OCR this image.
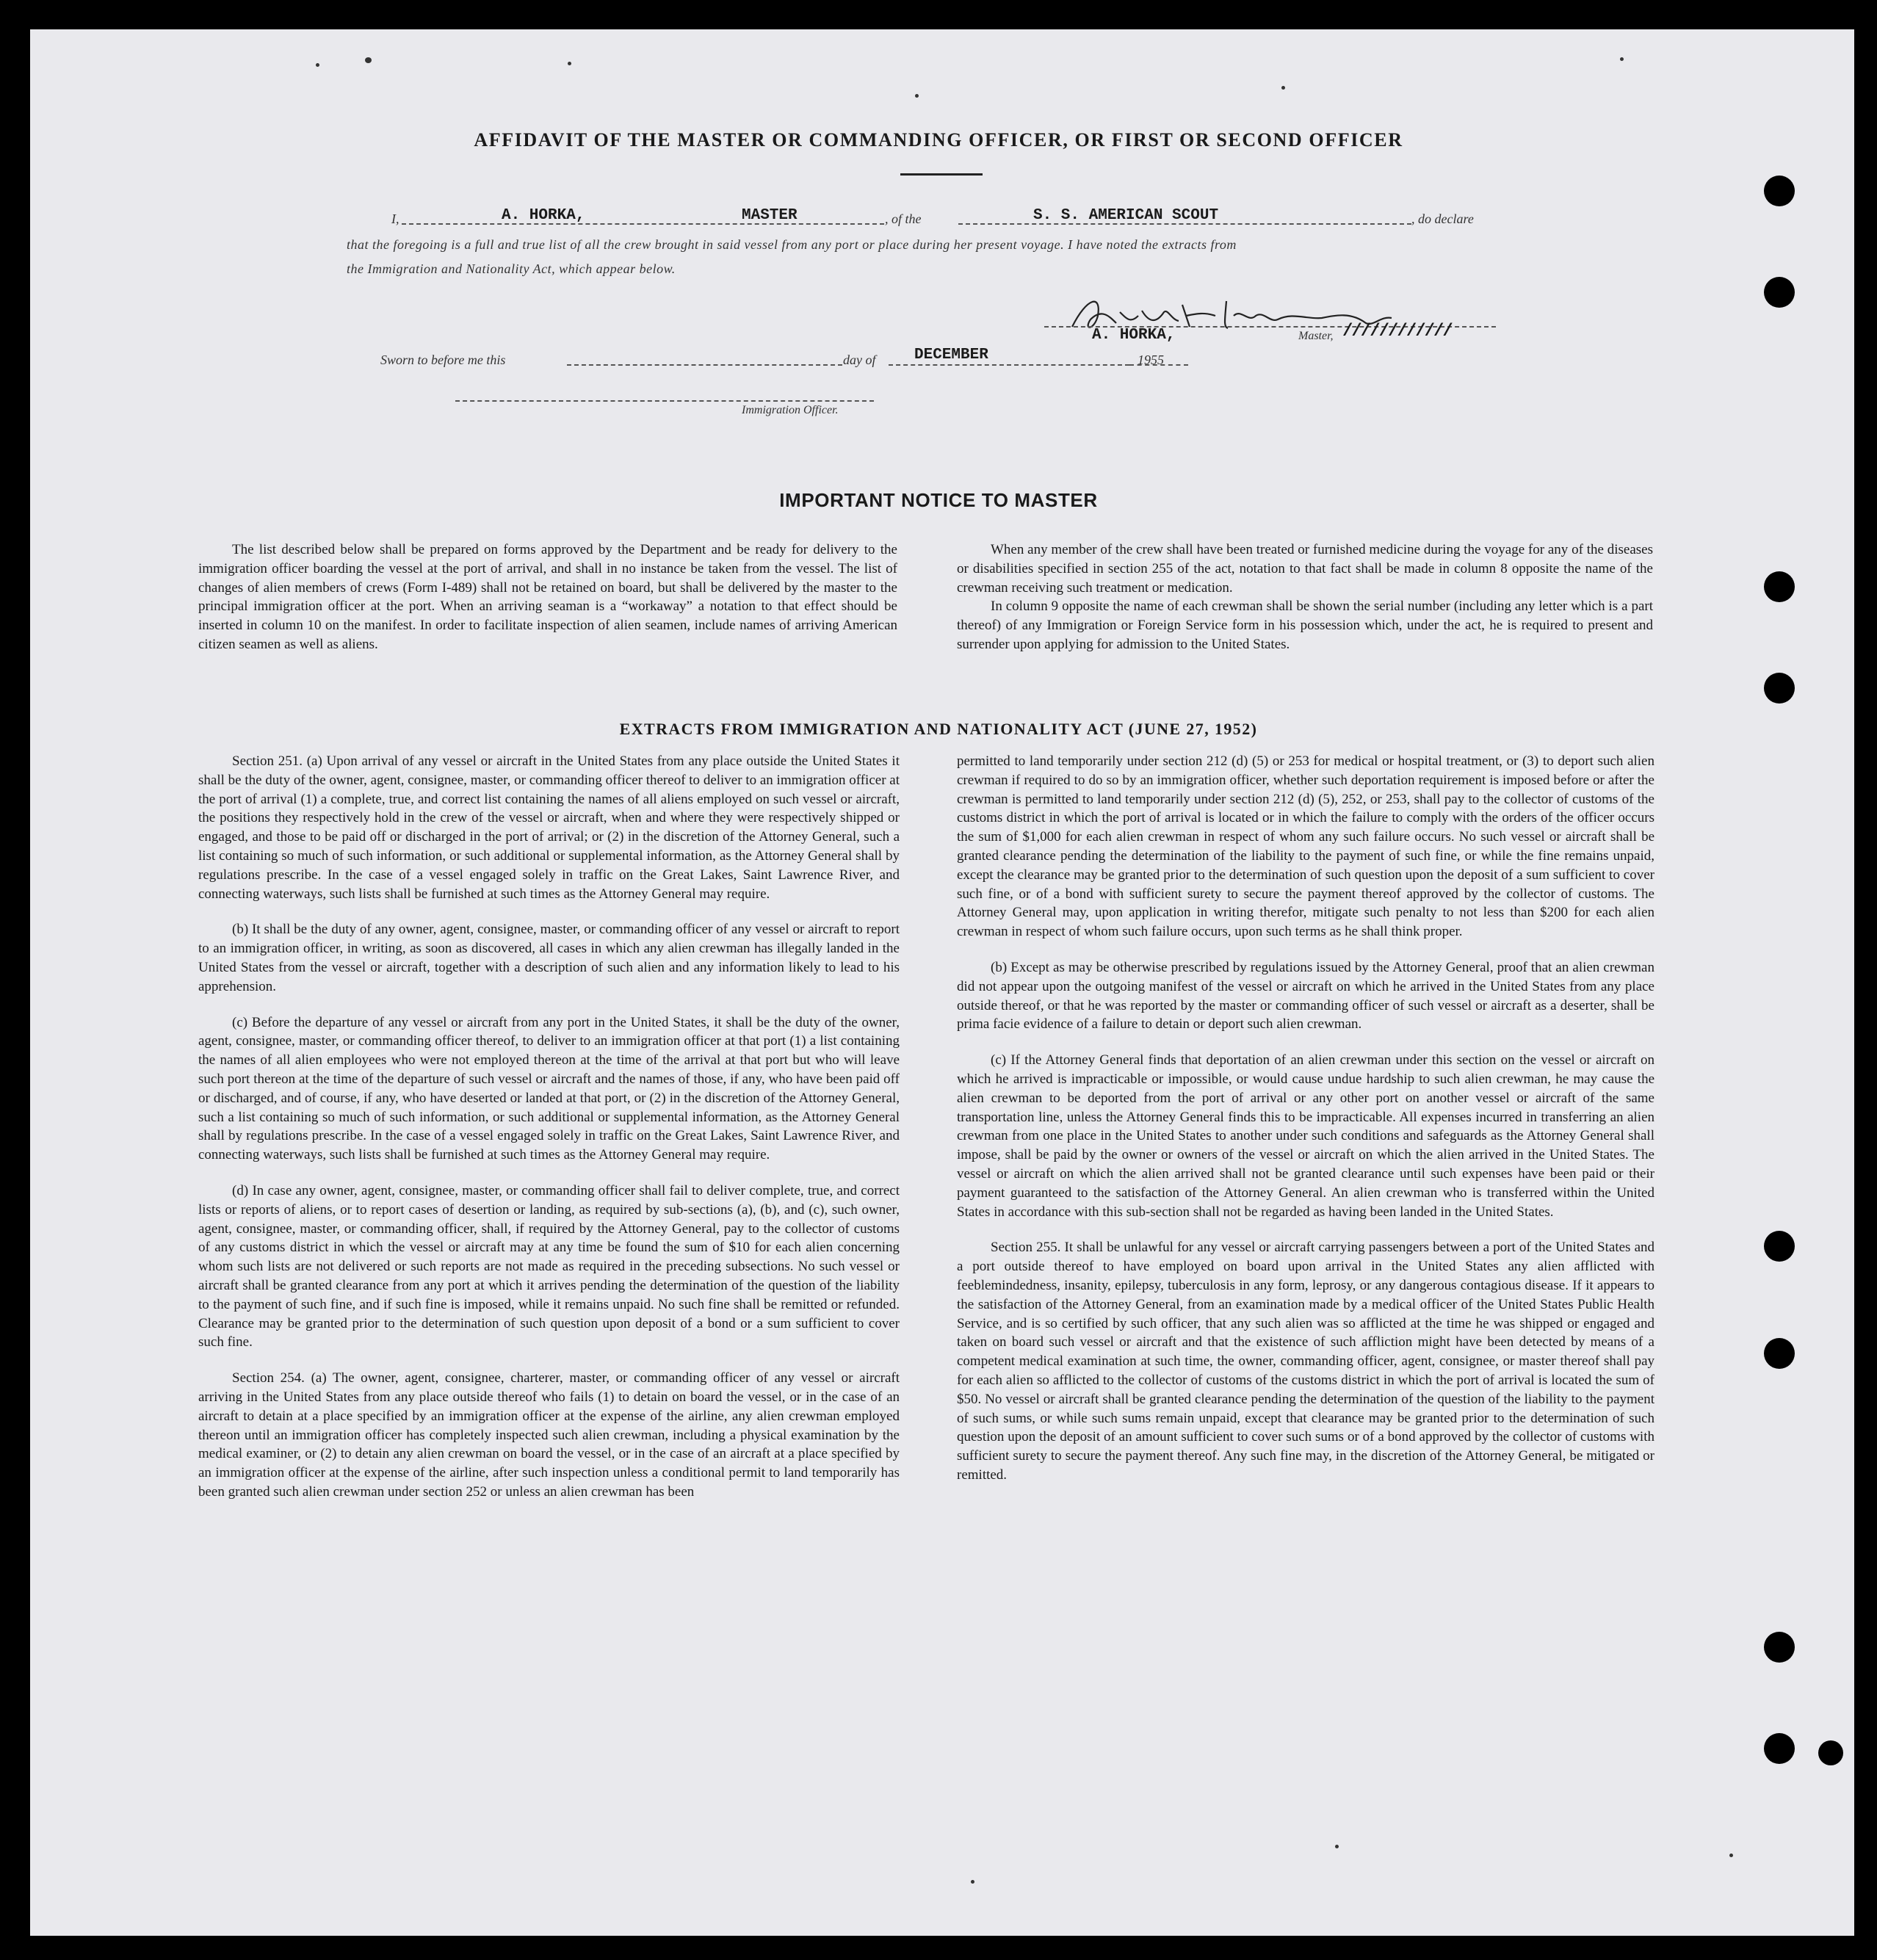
AFFIDAVIT OF THE MASTER OR COMMANDING OFFICER, OR FIRST OR SECOND OFFICER
I,	A. HORKA,	MASTER	, of the	S. S. AMERICAN SCOUT	, do declare
that the foregoing is a full and true list of all the crew brought in said vessel from any port or place during her present voyage. I have noted the extracts from
the Immigration and Nationality Act, which appear below.
A. HORKA,	Master, ////////////
Sworn to before me this	day of	DECEMBER	1955
Immigration Officer.
IMPORTANT NOTICE TO MASTER

The list described below shall be prepared on forms approved by the Department and be ready for delivery to the immigration officer boarding the vessel at the port of arrival, and shall in no instance be taken from the vessel. The list of changes of alien members of crews (Form I-489) shall not be retained on board, but shall be delivered by the master to the principal immigration officer at the port. When an arriving seaman is a “workaway” a notation to that effect should be inserted in column 10 on the manifest. In order to facilitate inspection of alien seamen, include names of arriving American citizen seamen as well as aliens.

When any member of the crew shall have been treated or furnished medicine during the voyage for any of the diseases or disabilities specified in section 255 of the act, notation to that fact shall be made in column 8 opposite the name of the crewman receiving such treatment or medication.

In column 9 opposite the name of each crewman shall be shown the serial number (including any letter which is a part thereof) of any Immigration or Foreign Service form in his possession which, under the act, he is required to present and surrender upon applying for admission to the United States.

EXTRACTS FROM IMMIGRATION AND NATIONALITY ACT (JUNE 27, 1952)

Section 251. (a) Upon arrival of any vessel or aircraft in the United States from any place outside the United States it shall be the duty of the owner, agent, consignee, master, or commanding officer thereof to deliver to an immigration officer at the port of arrival (1) a complete, true, and correct list containing the names of all aliens employed on such vessel or aircraft, the positions they respectively hold in the crew of the vessel or aircraft, when and where they were respectively shipped or engaged, and those to be paid off or discharged in the port of arrival; or (2) in the discretion of the Attorney General, such a list containing so much of such information, or such additional or supplemental information, as the Attorney General shall by regulations prescribe. In the case of a vessel engaged solely in traffic on the Great Lakes, Saint Lawrence River, and connecting waterways, such lists shall be furnished at such times as the Attorney General may require.

(b) It shall be the duty of any owner, agent, consignee, master, or commanding officer of any vessel or aircraft to report to an immigration officer, in writing, as soon as discovered, all cases in which any alien crewman has illegally landed in the United States from the vessel or aircraft, together with a description of such alien and any information likely to lead to his apprehension.

(c) Before the departure of any vessel or aircraft from any port in the United States, it shall be the duty of the owner, agent, consignee, master, or commanding officer thereof, to deliver to an immigration officer at that port (1) a list containing the names of all alien employees who were not employed thereon at the time of the arrival at that port but who will leave such port thereon at the time of the departure of such vessel or aircraft and the names of those, if any, who have been paid off or discharged, and of course, if any, who have deserted or landed at that port, or (2) in the discretion of the Attorney General, such a list containing so much of such information, or such additional or supplemental information, as the Attorney General shall by regulations prescribe. In the case of a vessel engaged solely in traffic on the Great Lakes, Saint Lawrence River, and connecting waterways, such lists shall be furnished at such times as the Attorney General may require.

(d) In case any owner, agent, consignee, master, or commanding officer shall fail to deliver complete, true, and correct lists or reports of aliens, or to report cases of desertion or landing, as required by sub-sections (a), (b), and (c), such owner, agent, consignee, master, or commanding officer, shall, if required by the Attorney General, pay to the collector of customs of any customs district in which the vessel or aircraft may at any time be found the sum of $10 for each alien concerning whom such lists are not delivered or such reports are not made as required in the preceding subsections. No such vessel or aircraft shall be granted clearance from any port at which it arrives pending the determination of the question of the liability to the payment of such fine, and if such fine is imposed, while it remains unpaid. No such fine shall be remitted or refunded. Clearance may be granted prior to the determination of such question upon deposit of a bond or a sum sufficient to cover such fine.

Section 254. (a) The owner, agent, consignee, charterer, master, or commanding officer of any vessel or aircraft arriving in the United States from any place outside thereof who fails (1) to detain on board the vessel, or in the case of an aircraft to detain at a place specified by an immigration officer at the expense of the airline, any alien crewman employed thereon until an immigration officer has completely inspected such alien crewman, including a physical examination by the medical examiner, or (2) to detain any alien crewman on board the vessel, or in the case of an aircraft at a place specified by an immigration officer at the expense of the airline, after such inspection unless a conditional permit to land temporarily has been granted such alien crewman under section 252 or unless an alien crewman has been

permitted to land temporarily under section 212 (d) (5) or 253 for medical or hospital treatment, or (3) to deport such alien crewman if required to do so by an immigration officer, whether such deportation requirement is imposed before or after the crewman is permitted to land temporarily under section 212 (d) (5), 252, or 253, shall pay to the collector of customs of the customs district in which the port of arrival is located or in which the failure to comply with the orders of the officer occurs the sum of $1,000 for each alien crewman in respect of whom any such failure occurs. No such vessel or aircraft shall be granted clearance pending the determination of the liability to the payment of such fine, or while the fine remains unpaid, except the clearance may be granted prior to the determination of such question upon the deposit of a sum sufficient to cover such fine, or of a bond with sufficient surety to secure the payment thereof approved by the collector of customs. The Attorney General may, upon application in writing therefor, mitigate such penalty to not less than $200 for each alien crewman in respect of whom such failure occurs, upon such terms as he shall think proper.

(b) Except as may be otherwise prescribed by regulations issued by the Attorney General, proof that an alien crewman did not appear upon the outgoing manifest of the vessel or aircraft on which he arrived in the United States from any place outside thereof, or that he was reported by the master or commanding officer of such vessel or aircraft as a deserter, shall be prima facie evidence of a failure to detain or deport such alien crewman.

(c) If the Attorney General finds that deportation of an alien crewman under this section on the vessel or aircraft on which he arrived is impracticable or impossible, or would cause undue hardship to such alien crewman, he may cause the alien crewman to be deported from the port of arrival or any other port on another vessel or aircraft of the same transportation line, unless the Attorney General finds this to be impracticable. All expenses incurred in transferring an alien crewman from one place in the United States to another under such conditions and safeguards as the Attorney General shall impose, shall be paid by the owner or owners of the vessel or aircraft on which the alien arrived in the United States. The vessel or aircraft on which the alien arrived shall not be granted clearance until such expenses have been paid or their payment guaranteed to the satisfaction of the Attorney General. An alien crewman who is transferred within the United States in accordance with this sub-section shall not be regarded as having been landed in the United States.

Section 255. It shall be unlawful for any vessel or aircraft carrying passengers between a port of the United States and a port outside thereof to have employed on board upon arrival in the United States any alien afflicted with feeblemindedness, insanity, epilepsy, tuberculosis in any form, leprosy, or any dangerous contagious disease. If it appears to the satisfaction of the Attorney General, from an examination made by a medical officer of the United States Public Health Service, and is so certified by such officer, that any such alien was so afflicted at the time he was shipped or engaged and taken on board such vessel or aircraft and that the existence of such affliction might have been detected by means of a competent medical examination at such time, the owner, commanding officer, agent, consignee, or master thereof shall pay for each alien so afflicted to the collector of customs of the customs district in which the port of arrival is located the sum of $50. No vessel or aircraft shall be granted clearance pending the determination of the question of the liability to the payment of such sums, or while such sums remain unpaid, except that clearance may be granted prior to the determination of such question upon the deposit of an amount sufficient to cover such sums or of a bond approved by the collector of customs with sufficient surety to secure the payment thereof. Any such fine may, in the discretion of the Attorney General, be mitigated or remitted.
